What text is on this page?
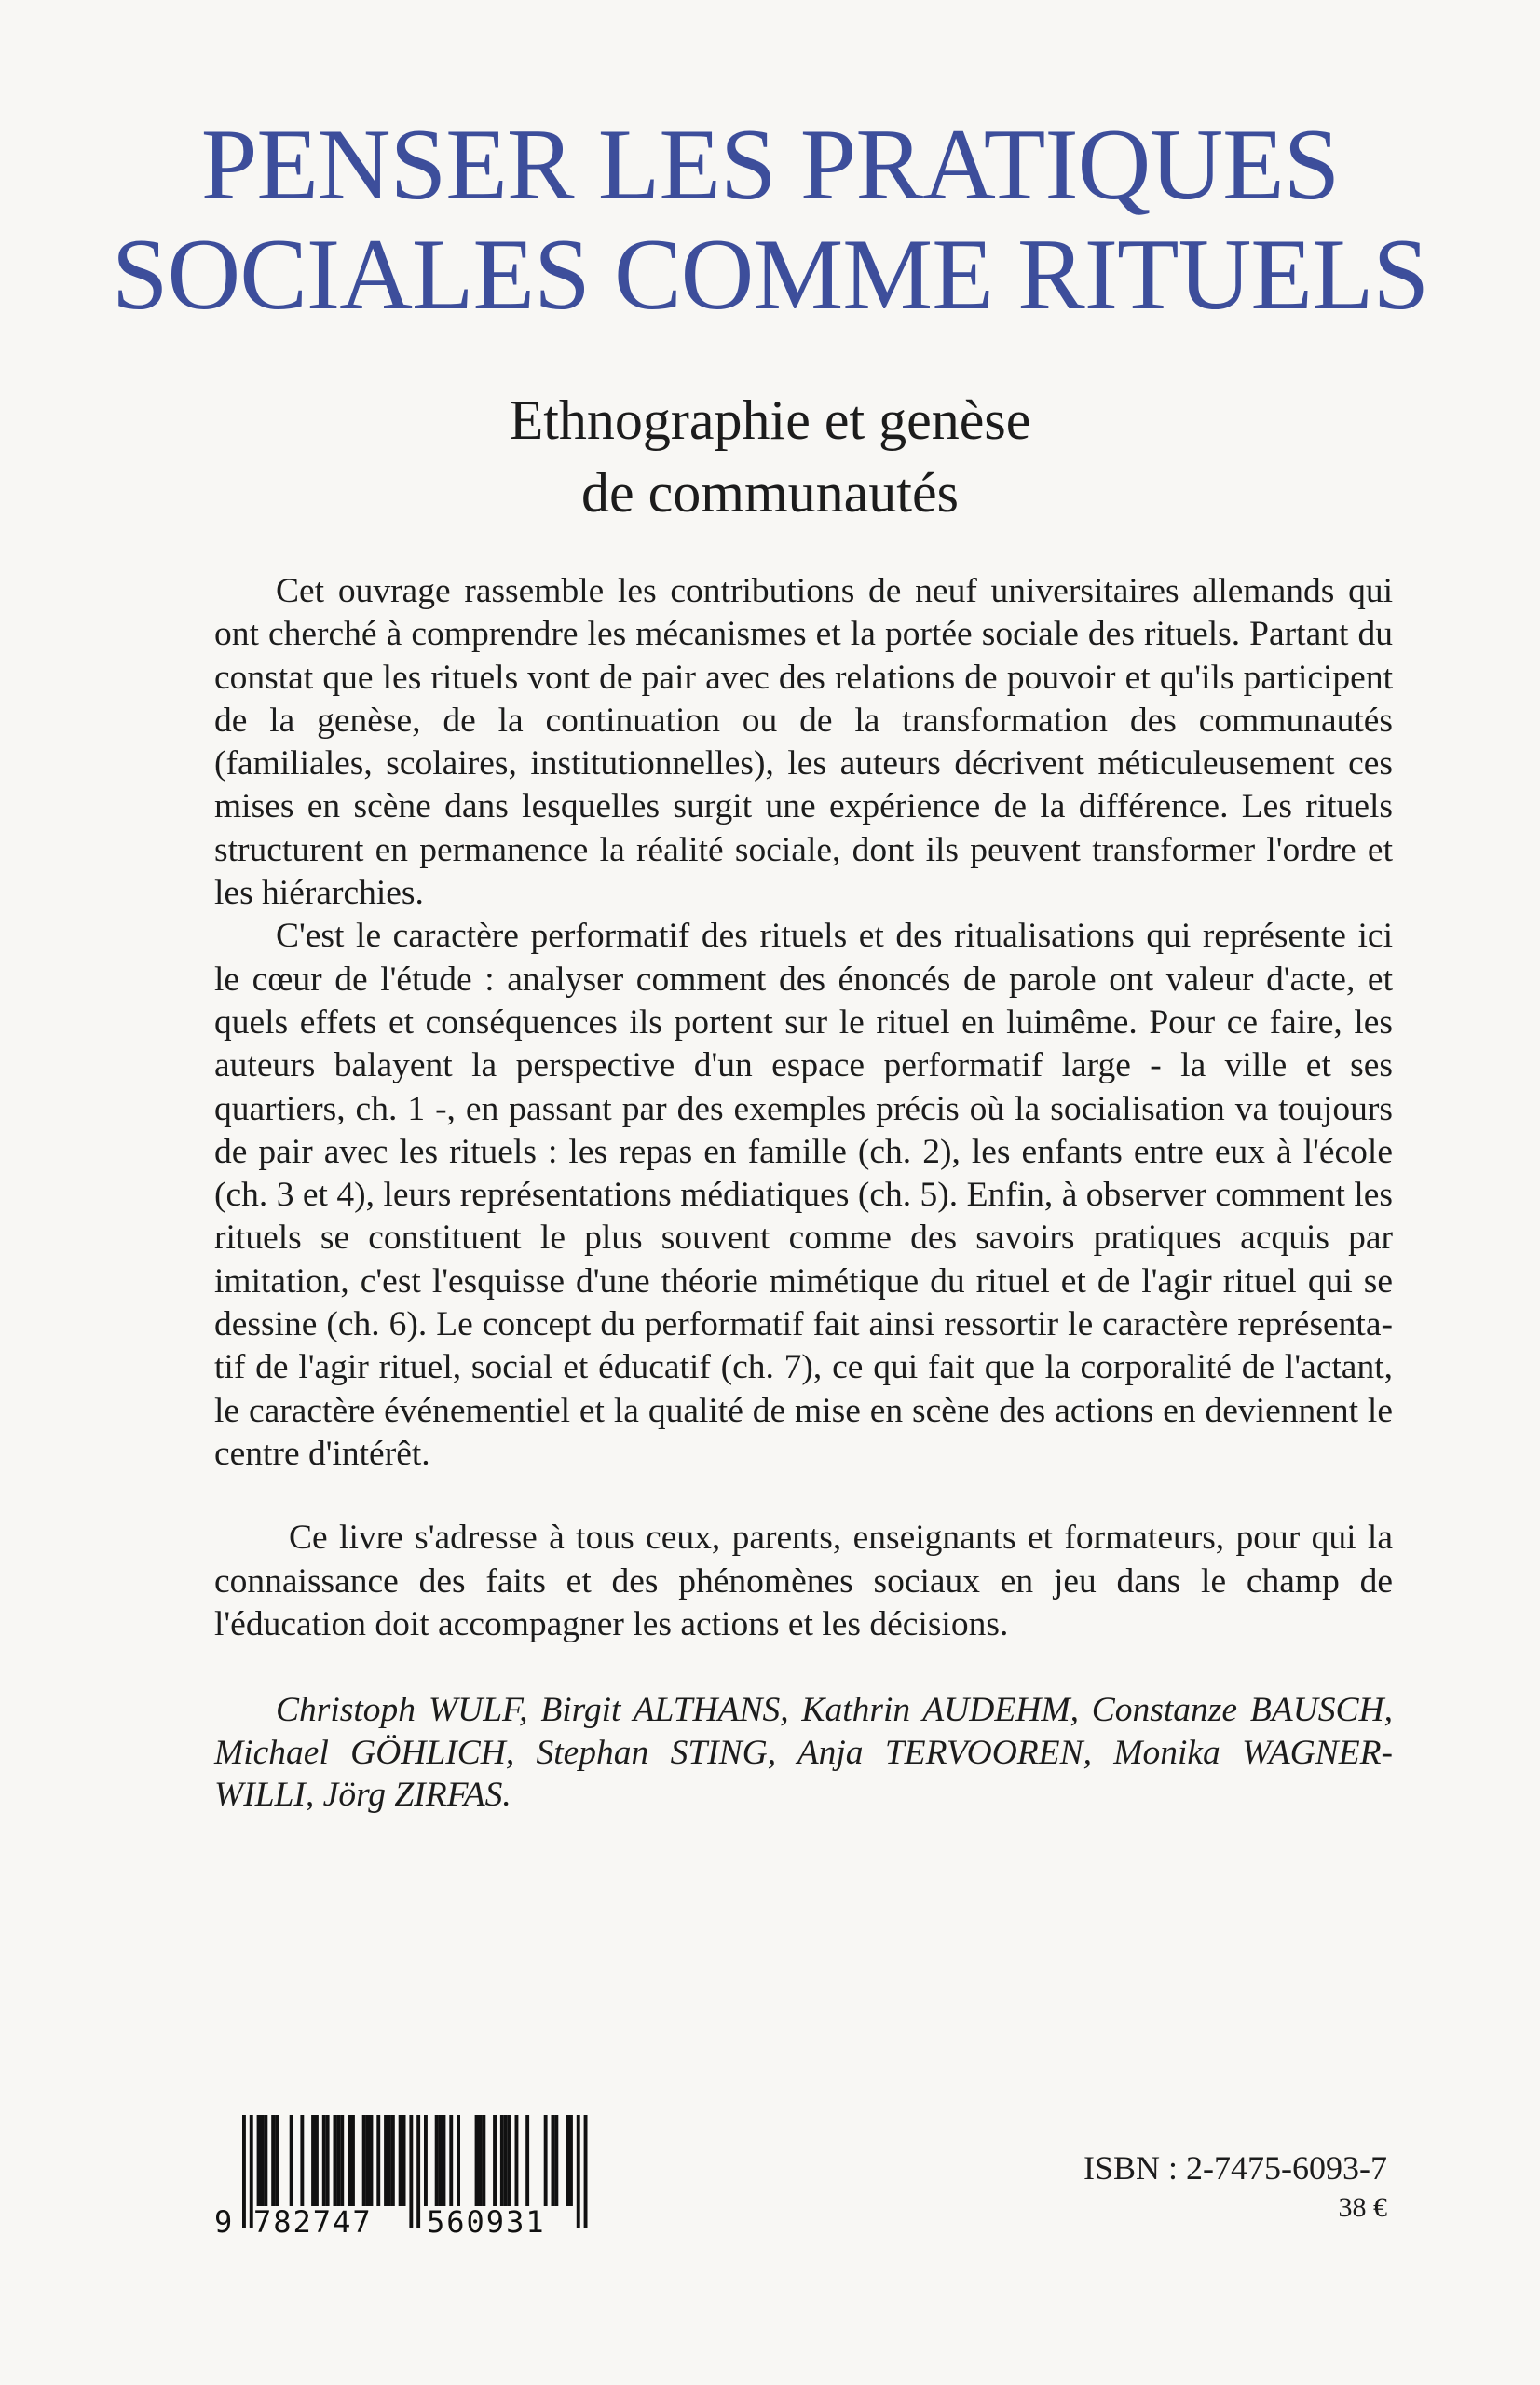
PENSER LES PRATIQUES
SOCIALES COMME RITUELS
Ethnographie et genèse
de communautés

Cet ouvrage rassemble les contributions de neuf universitaires allemands qui ont cherché à comprendre les mécanismes et la portée sociale des rituels. Partant du constat que les rituels vont de pair avec des relations de pouvoir et qu'ils participent de la genèse, de la continuation ou de la transformation des communautés (familiales, scolaires, institutionnelles), les auteurs décrivent méticuleusement ces mises en scène dans lesquelles surgit une expérience de la différence. Les rituels structurent en permanence la réalité sociale, dont ils peuvent transformer l'ordre et les hiérarchies.

C'est le caractère performatif des rituels et des ritualisations qui représente ici le cœur de l'étude : analyser comment des énoncés de parole ont valeur d'acte, et quels effets et conséquences ils portent sur le rituel en luimême. Pour ce faire, les auteurs balayent la perspective d'un espace performatif large - la ville et ses quartiers, ch. 1 -, en passant par des exemples précis où la socialisation va toujours de pair avec les rituels : les repas en famille (ch. 2), les enfants entre eux à l'école (ch. 3 et 4), leurs représentations médiatiques (ch. 5). Enfin, à observer comment les rituels se constituent le plus souvent comme des savoirs pratiques acquis par imitation, c'est l'esquisse d'une théorie mimétique du rituel et de l'agir rituel qui se dessine (ch. 6). Le concept du performatif fait ainsi ressortir le caractère représentatif de l'agir rituel, social et éducatif (ch. 7), ce qui fait que la corporalité de l'actant, le caractère événementiel et la qualité de mise en scène des actions en deviennent le centre d'intérêt.

Ce livre s'adresse à tous ceux, parents, enseignants et formateurs, pour qui la connaissance des faits et des phénomènes sociaux en jeu dans le champ de l'éducation doit accompagner les actions et les décisions.

Christoph WULF, Birgit ALTHANS, Kathrin AUDEHM, Constanze BAUSCH, Michael GÖHLICH, Stephan STING, Anja TERVOOREN, Monika WAGNER-WILLI, Jörg ZIRFAS.

9 782747 560931
ISBN : 2-7475-6093-7
38 €
